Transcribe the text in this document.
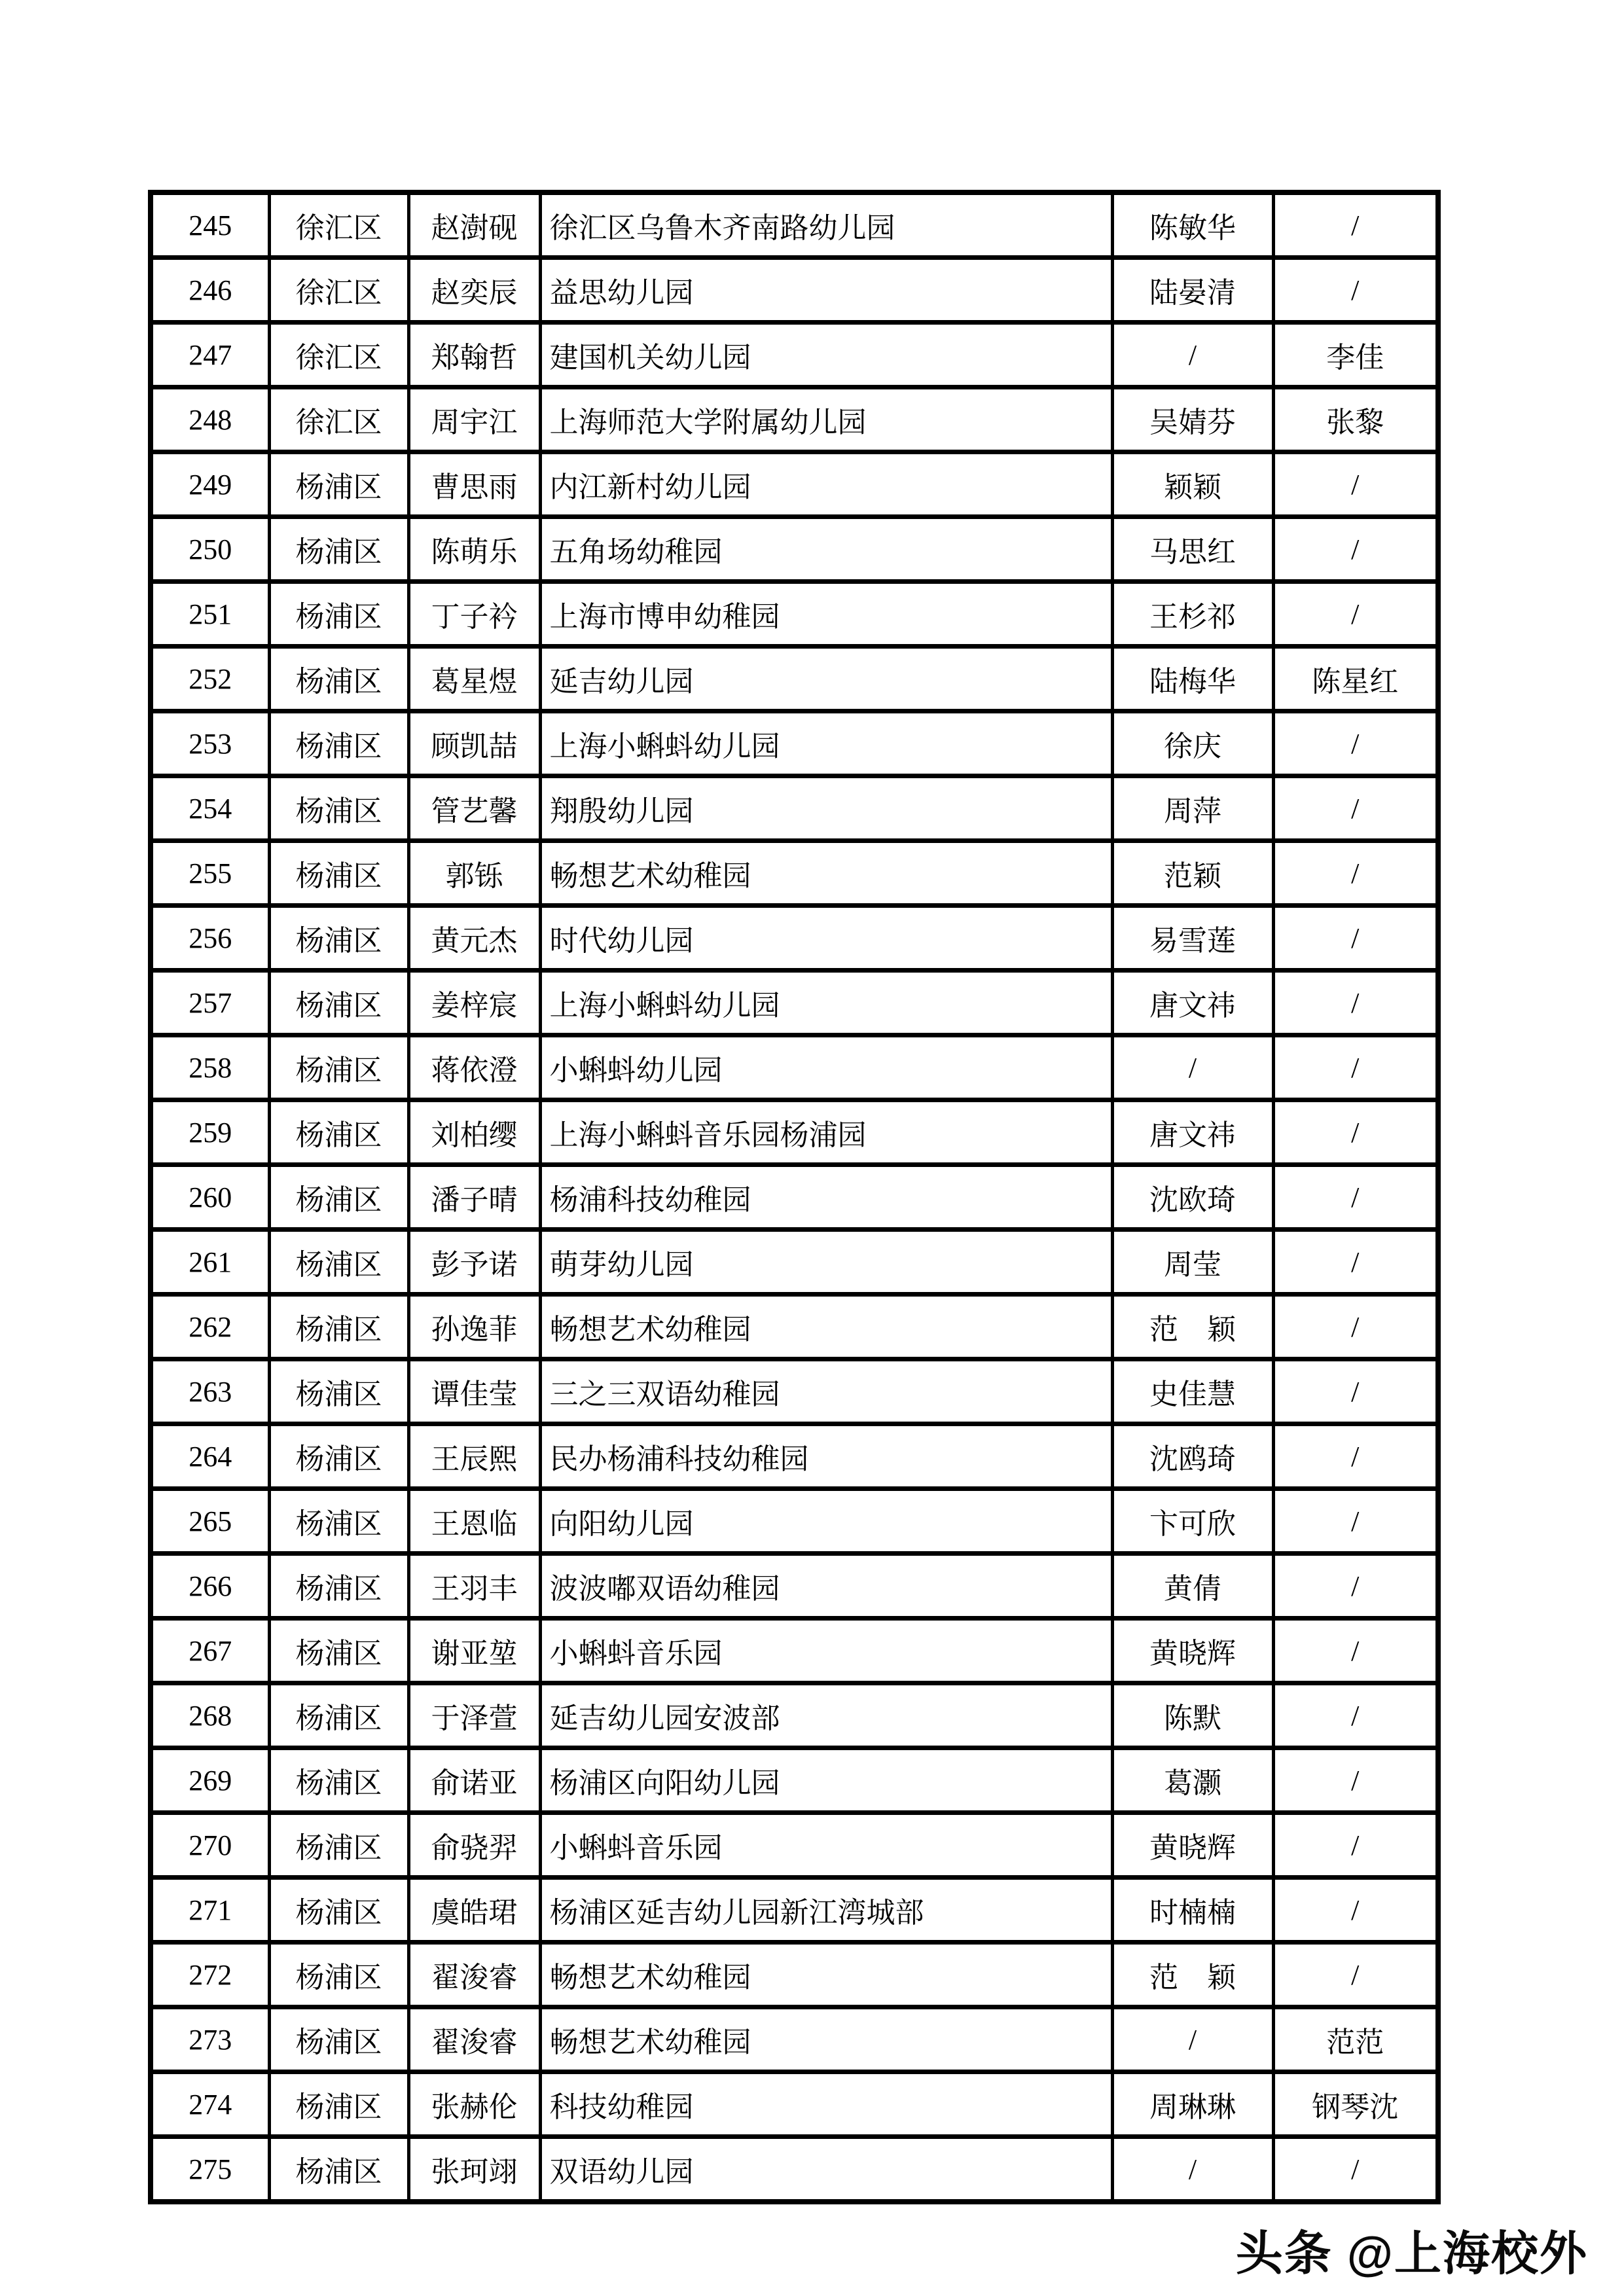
245	徐汇区	赵澍砚	徐汇区乌鲁木齐南路幼儿园	陈敏华	/
246	徐汇区	赵奕辰	益思幼儿园	陆晏清	/
247	徐汇区	郑翰哲	建国机关幼儿园	/	李佳
248	徐汇区	周宇江	上海师范大学附属幼儿园	吴婧芬	张黎
249	杨浦区	曹思雨	内江新村幼儿园	颖颖	/
250	杨浦区	陈萌乐	五角场幼稚园	马思红	/
251	杨浦区	丁子衿	上海市博申幼稚园	王杉祁	/
252	杨浦区	葛星煜	延吉幼儿园	陆梅华	陈星红
253	杨浦区	顾凯喆	上海小蝌蚪幼儿园	徐庆	/
254	杨浦区	管艺馨	翔殷幼儿园	周萍	/
255	杨浦区	郭铄	畅想艺术幼稚园	范颖	/
256	杨浦区	黄元杰	时代幼儿园	易雪莲	/
257	杨浦区	姜梓宸	上海小蝌蚪幼儿园	唐文祎	/
258	杨浦区	蒋依澄	小蝌蚪幼儿园	/	/
259	杨浦区	刘柏缨	上海小蝌蚪音乐园杨浦园	唐文祎	/
260	杨浦区	潘子晴	杨浦科技幼稚园	沈欧琦	/
261	杨浦区	彭予诺	萌芽幼儿园	周莹	/
262	杨浦区	孙逸菲	畅想艺术幼稚园	范　颖	/
263	杨浦区	谭佳莹	三之三双语幼稚园	史佳慧	/
264	杨浦区	王辰熙	民办杨浦科技幼稚园	沈鸥琦	/
265	杨浦区	王恩临	向阳幼儿园	卞可欣	/
266	杨浦区	王羽丰	波波嘟双语幼稚园	黄倩	/
267	杨浦区	谢亚堃	小蝌蚪音乐园	黄晓辉	/
268	杨浦区	于泽萱	延吉幼儿园安波部	陈默	/
269	杨浦区	俞诺亚	杨浦区向阳幼儿园	葛灏	/
270	杨浦区	俞骁羿	小蝌蚪音乐园	黄晓辉	/
271	杨浦区	虞皓珺	杨浦区延吉幼儿园新江湾城部	时楠楠	/
272	杨浦区	翟浚睿	畅想艺术幼稚园	范　颖	/
273	杨浦区	翟浚睿	畅想艺术幼稚园	/	范范
274	杨浦区	张赫伦	科技幼稚园	周琳琳	钢琴沈
275	杨浦区	张珂翊	双语幼儿园	/	/
头条 @上海校外
